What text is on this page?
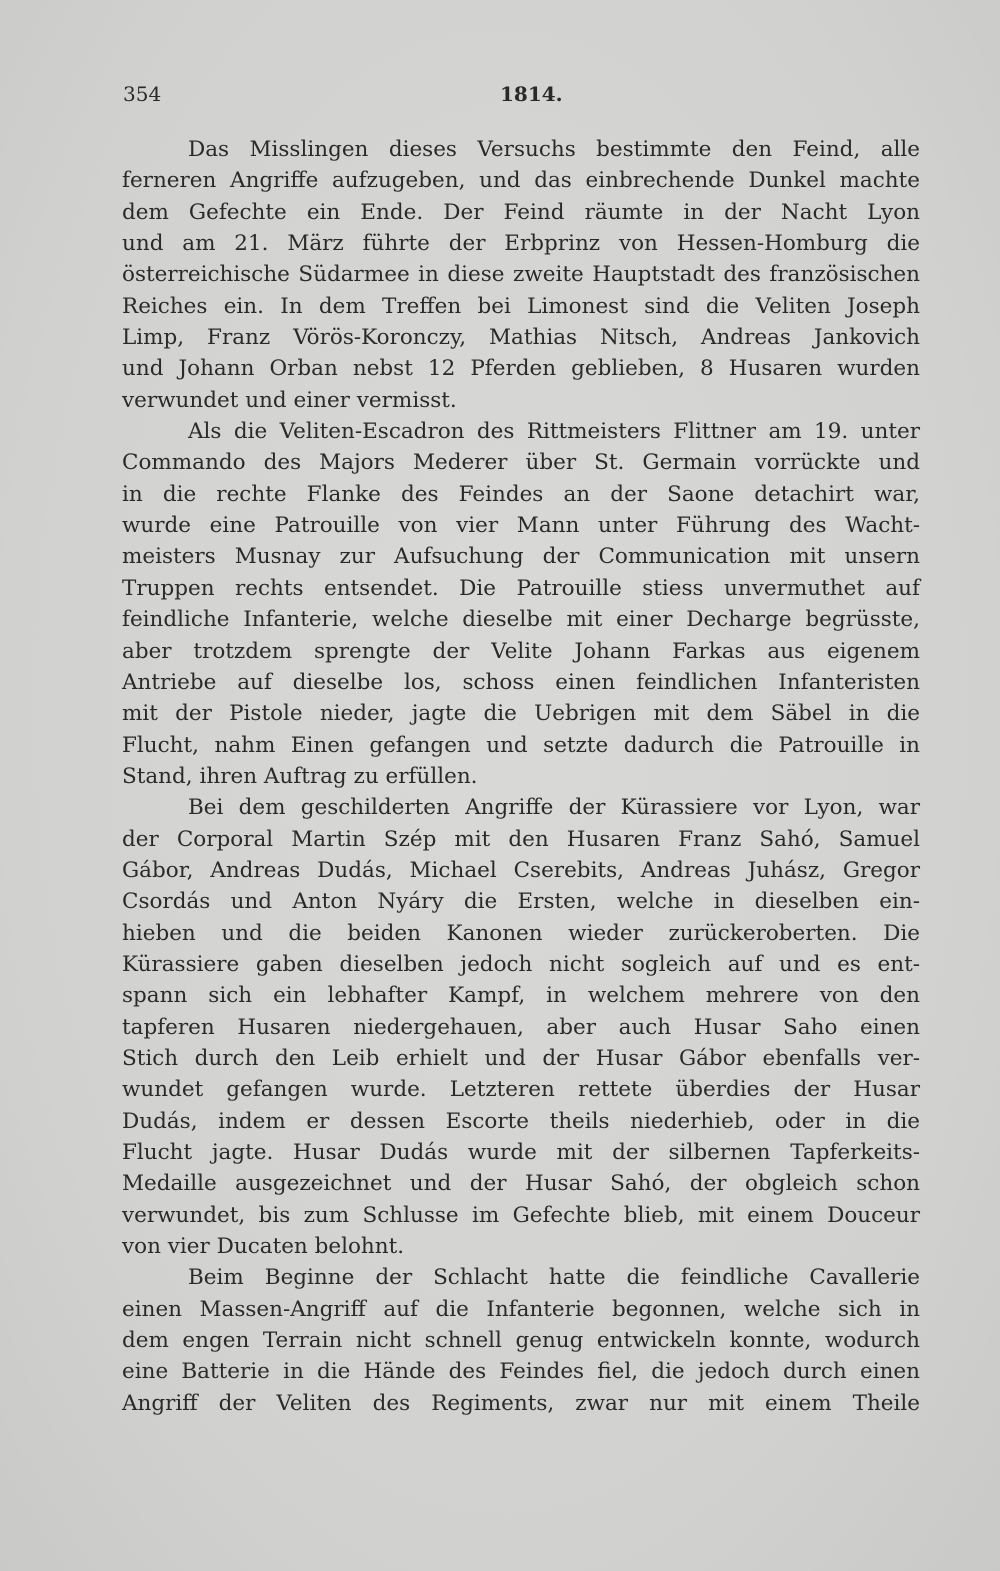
354	1814.
Das Misslingen dieses Versuchs bestimmte den Feind, alle
ferneren Angriffe aufzugeben, und das einbrechende Dunkel machte
dem Gefechte ein Ende. Der Feind räumte in der Nacht Lyon
und am 21. März führte der Erbprinz von Hessen-Homburg die
österreichische Südarmee in diese zweite Hauptstadt des französischen
Reiches ein. In dem Treffen bei Limonest sind die Veliten Joseph
Limp, Franz Vörös-Koronczy, Mathias Nitsch, Andreas Jankovich
und Johann Orban nebst 12 Pferden geblieben, 8 Husaren wurden
verwundet und einer vermisst.
Als die Veliten-Escadron des Rittmeisters Flittner am 19. unter
Commando des Majors Mederer über St. Germain vorrückte und
in die rechte Flanke des Feindes an der Saone detachirt war,
wurde eine Patrouille von vier Mann unter Führung des Wacht-
meisters Musnay zur Aufsuchung der Communication mit unsern
Truppen rechts entsendet. Die Patrouille stiess unvermuthet auf
feindliche Infanterie, welche dieselbe mit einer Decharge begrüsste,
aber trotzdem sprengte der Velite Johann Farkas aus eigenem
Antriebe auf dieselbe los, schoss einen feindlichen Infanteristen
mit der Pistole nieder, jagte die Uebrigen mit dem Säbel in die
Flucht, nahm Einen gefangen und setzte dadurch die Patrouille in
Stand, ihren Auftrag zu erfüllen.
Bei dem geschilderten Angriffe der Kürassiere vor Lyon, war
der Corporal Martin Szép mit den Husaren Franz Sahó, Samuel
Gábor, Andreas Dudás, Michael Cserebits, Andreas Juhász, Gregor
Csordás und Anton Nyáry die Ersten, welche in dieselben ein-
hieben und die beiden Kanonen wieder zurückeroberten. Die
Kürassiere gaben dieselben jedoch nicht sogleich auf und es ent-
spann sich ein lebhafter Kampf, in welchem mehrere von den
tapferen Husaren niedergehauen, aber auch Husar Saho einen
Stich durch den Leib erhielt und der Husar Gábor ebenfalls ver-
wundet gefangen wurde. Letzteren rettete überdies der Husar
Dudás, indem er dessen Escorte theils niederhieb, oder in die
Flucht jagte. Husar Dudás wurde mit der silbernen Tapferkeits-
Medaille ausgezeichnet und der Husar Sahó, der obgleich schon
verwundet, bis zum Schlusse im Gefechte blieb, mit einem Douceur
von vier Ducaten belohnt.
Beim Beginne der Schlacht hatte die feindliche Cavallerie
einen Massen-Angriff auf die Infanterie begonnen, welche sich in
dem engen Terrain nicht schnell genug entwickeln konnte, wodurch
eine Batterie in die Hände des Feindes fiel, die jedoch durch einen
Angriff der Veliten des Regiments, zwar nur mit einem Theile
